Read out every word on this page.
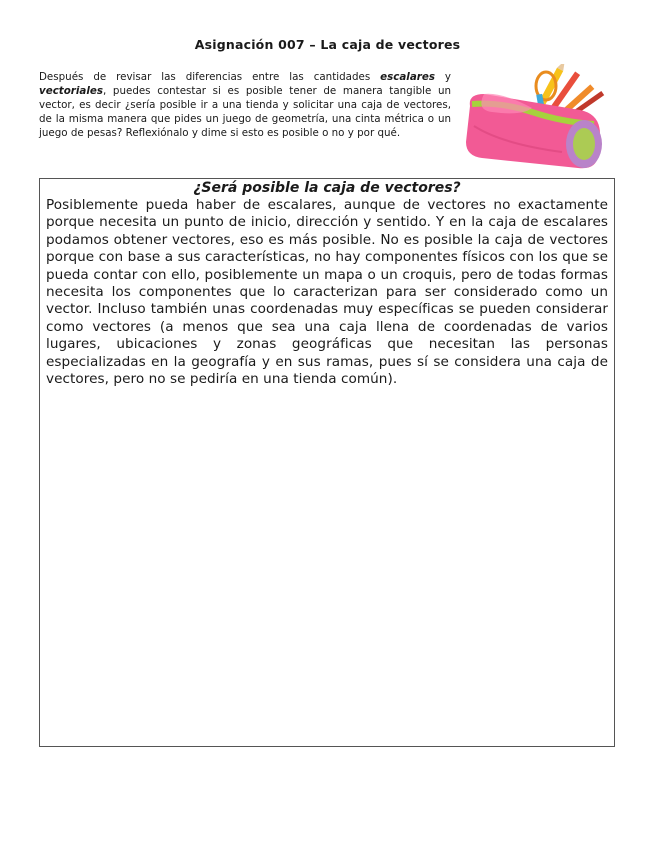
Asignación 007 – La caja de vectores
Después de revisar las diferencias entre las cantidades escalares y vectoriales, puedes contestar si es posible tener de manera tangible un vector, es decir ¿sería posible ir a una tienda y solicitar una caja de vectores, de la misma manera que pides un juego de geometría, una cinta métrica o un juego de pesas? Reflexiónalo y dime si esto es posible o no y por qué.
¿Será posible la caja de vectores?
Posiblemente pueda haber de escalares, aunque de vectores no exactamente porque necesita un punto de inicio, dirección y sentido. Y en la caja de escalares podamos obtener vectores, eso es más posible. No es posible la caja de vectores porque con base a sus características, no hay componentes físicos con los que se pueda contar con ello, posiblemente un mapa o un croquis, pero de todas formas necesita los componentes que lo caracterizan para ser considerado como un vector. Incluso también unas coordenadas muy específicas se pueden considerar como vectores (a menos que sea una caja llena de coordenadas de varios lugares, ubicaciones y zonas geográficas que necesitan las personas especializadas en la geografía y en sus ramas, pues sí se considera una caja de vectores, pero no se pediría en una tienda común).
